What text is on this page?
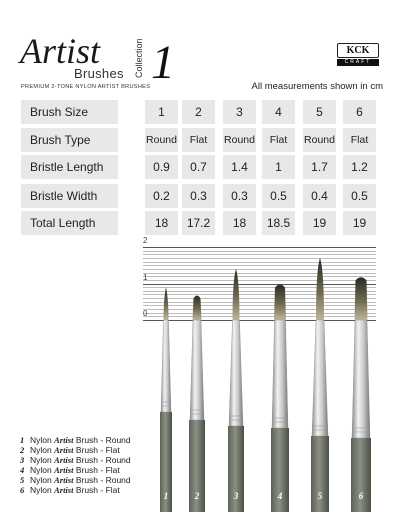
Artist
Brushes
PREMIUM 2-TONE NYLON ARTIST BRUSHES
Collection 1	KCK
CRAFT
All measurements shown in cm
Brush Size	1	2	3	4	5	6
Brush Type	Round	Flat	Round	Flat	Round	Flat
Bristle Length	0.9	0.7	1.4	1	1.7	1.2
Bristle Width	0.2	0.3	0.3	0.5	0.4	0.5
Total Length	18	17.2	18	18.5	19	19
2
1
0
1	2	3	4	5	6
1 Nylon Artist Brush - Round
2 Nylon Artist Brush - Flat
3 Nylon Artist Brush - Round
4 Nylon Artist Brush - Flat
5 Nylon Artist Brush - Round
6 Nylon Artist Brush - Flat
